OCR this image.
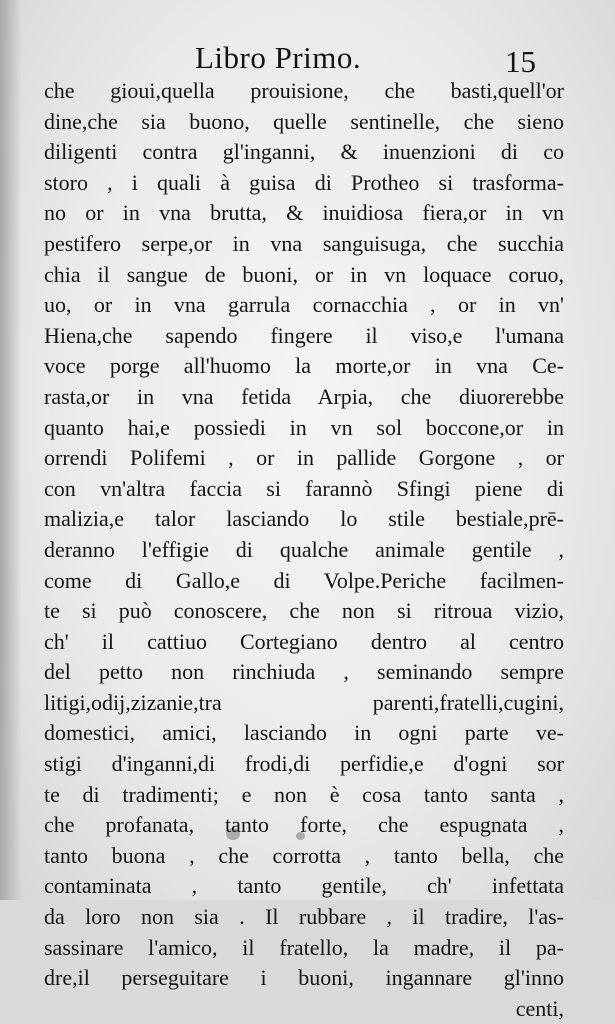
Libro Primo.	15
che gioui,quella prouisione, che basti,quell'or
dine,che sia buono, quelle sentinelle, che sieno
diligenti contra gl'inganni, & inuenzioni di co
storo , i quali à guisa di Protheo si trasforma-
no or in vna brutta, & inuidiosa fiera,or in vn
pestifero serpe,or in vna sanguisuga, che succhia
chia il sangue de buoni, or in vn loquace coruo,
uo, or in vna garrula cornacchia , or in vn'
Hiena,che sapendo fingere il viso,e l'umana
voce porge all'huomo la morte,or in vna Ce-
rasta,or in vna fetida Arpia, che diuorerebbe
quanto hai,e possiedi in vn sol boccone,or in
orrendi Polifemi , or in pallide Gorgone , or
con vn'altra faccia si farannò Sfingi piene di
malizia,e talor lasciando lo stile bestiale,prē-
deranno l'effigie di qualche animale gentile ,
come di Gallo,e di Volpe.Periche facilmen-
te si può conoscere, che non si ritroua vizio,
ch' il cattiuo Cortegiano dentro al centro
del petto non rinchiuda , seminando sempre
litigi,odij,zizanie,tra parenti,fratelli,cugini,
domestici, amici, lasciando in ogni parte ve-
stigi d'inganni,di frodi,di perfidie,e d'ogni sor
te di tradimenti; e non è cosa tanto santa ,
che profanata, tanto forte, che espugnata ,
tanto buona , che corrotta , tanto bella, che
contaminata , tanto gentile, ch' infettata
da loro non sia . Il rubbare , il tradire, l'as-
sassinare l'amico, il fratello, la madre, il pa-
dre,il perseguitare i buoni, ingannare gl'inno
centi,
